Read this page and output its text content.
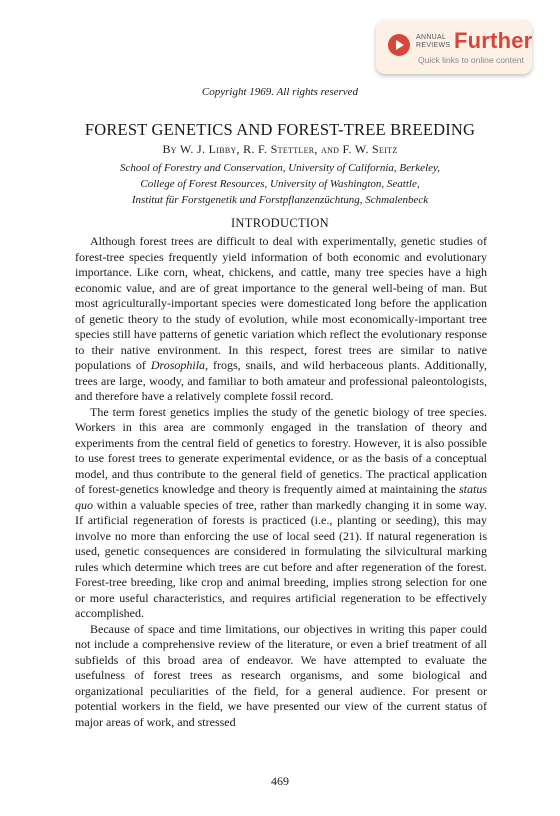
ANNUAL
REVIEWS Further
Quick links to online content
Copyright 1969. All rights reserved
FOREST GENETICS AND FOREST-TREE BREEDING
By W. J. Libby, R. F. Stettler, and F. W. Seitz
School of Forestry and Conservation, University of California, Berkeley,
College of Forest Resources, University of Washington, Seattle,
Institut für Forstgenetik und Forstpflanzenzüchtung, Schmalenbeck
INTRODUCTION

Although forest trees are difficult to deal with experimentally, genetic studies of forest-tree species frequently yield information of both economic and evolutionary importance. Like corn, wheat, chickens, and cattle, many tree species have a high economic value, and are of great importance to the general well-being of man. But most agriculturally-important species were domesticated long before the application of genetic theory to the study of evolution, while most economically-important tree species still have patterns of genetic variation which reflect the evolutionary response to their native environment. In this respect, forest trees are similar to native populations of Drosophila, frogs, snails, and wild herbaceous plants. Additionally, trees are large, woody, and familiar to both amateur and professional paleontologists, and therefore have a relatively complete fossil record.

The term forest genetics implies the study of the genetic biology of tree species. Workers in this area are commonly engaged in the translation of theory and experiments from the central field of genetics to forestry. However, it is also possible to use forest trees to generate experimental evidence, or as the basis of a conceptual model, and thus contribute to the general field of genetics. The practical application of forest-genetics knowledge and theory is frequently aimed at maintaining the status quo within a valuable species of tree, rather than markedly changing it in some way. If artificial regeneration of forests is practiced (i.e., planting or seeding), this may involve no more than enforcing the use of local seed (21). If natural regeneration is used, genetic consequences are considered in formulating the silvicultural marking rules which determine which trees are cut before and after regeneration of the forest. Forest-tree breeding, like crop and animal breeding, implies strong selection for one or more useful characteristics, and requires artificial regeneration to be effectively accomplished.

Because of space and time limitations, our objectives in writing this paper could not include a comprehensive review of the literature, or even a brief treatment of all subfields of this broad area of endeavor. We have attempted to evaluate the usefulness of forest trees as research organisms, and some biological and organizational peculiarities of the field, for a general audience. For present or potential workers in the field, we have presented our view of the current status of major areas of work, and stressed

469
